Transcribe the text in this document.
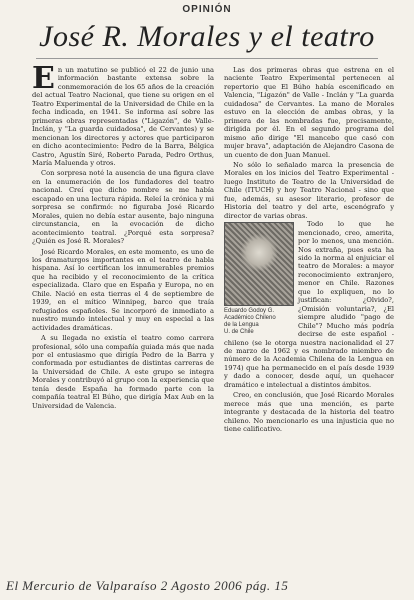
OPINIÓN
José R. Morales y el teatro
E n un matutino se publicó el 22 de junio una información bastante extensa sobre la conmemoración de los 65 años de la creación del actual Teatro Nacional, que tiene su origen en el Teatro Experimental de la Universidad de Chile en la fecha indicada, en 1941. Se informa así sobre las primeras obras representadas ("Ligazón", de Valle-Inclán, y "La guarda cuidadosa", de Cervantes) y se mencionan los directores y actores que participaron en dicho acontecimiento: Pedro de la Barra, Bélgica Castro, Agustín Siré, Roberto Parada, Pedro Orthus, María Maluenda y otros.

Con sorpresa noté la ausencia de una figura clave en la enumeración de los fundadores del teatro nacional. Creí que dicho nombre se me había escapado en una lectura rápida. Releí la crónica y mi sorpresa se confirmó: no figuraba José Ricardo Morales, quien no debía estar ausente, bajo ninguna circunstancia, en la evocación de dicho acontecimiento teatral. ¿Porqué esta sorpresa? ¿Quién es José R. Morales?

José Ricardo Morales, en este momento, es uno de los dramaturgos importantes en el teatro de habla hispana. Así lo certifican los innumerables premios que ha recibido y el reconocimiento de la crítica especializada. Claro que en España y Europa, no en Chile. Nació en esta tierras el 4 de septiembre de 1939, en el mítico Winnipeg, barco que traía refugiados españoles. Se incorporó de inmediato a nuestro mundo intelectual y muy en especial a las actividades dramáticas.

A su llegada no existía el teatro como carrera profesional, sólo una compañía guiada más que nada por el entusiasmo que dirigía Pedro de la Barra y conformada por estudiantes de distintas carreras de la Universidad de Chile. A este grupo se integra Morales y contribuyó al grupo con la experiencia que tenía desde España ha formado parte con la compañía teatral El Búho, que dirigía Max Aub en la Universidad de Valencia.

Las dos primeras obras que estrena en el naciente Teatro Experimental pertenecen al repertorio que El Búho había escenificado en Valencia, "Ligazón" de Valle - Inclán y "La guarda cuidadosa" de Cervantes. La mano de Morales estuvo en la elección de ambas obras, y la primera de las nombradas fue, precisamente, dirigida por él. En el segundo programa del mismo año dirige "El mancebo que casó con mujer brava", adaptación de Alejandro Casona de un cuento de don Juan Manuel.

No sólo lo señalado marca la presencia de Morales en los inicios del Teatro Experimental - luego Instituto de Teatro de la Universidad de Chile (ITUCH) y hoy Teatro Nacional - sino que fue, además, su asesor literario, profesor de Historia del teatro y del arte, escenógrafo y director de varias obras.

Eduardo Godoy G.
Académico Chileno
de la Lengua
U. de Chile

Todo lo que he mencionado, creo, amerita, por lo menos, una mención. Nos extraña, pues esta ha sido la norma al enjuiciar el teatro de Morales: a mayor reconocimiento extranjero, menor en Chile. Razones que lo expliquen, no lo justifican: ¿Olvido?, ¿Omisión voluntaria?, ¿El siempre aludido "pago de Chile"? Mucho más podría decirse de este español - chileno (se le otorga nuestra nacionalidad el 27 de marzo de 1962 y es nombrado miembro de número de la Academia Chilena de la Lengua en 1974) que ha permanecido en el país desde 1939 y dado a conocer, desde aquí, un quehacer dramático e intelectual a distintos ámbitos.

Creo, en conclusión, que José Ricardo Morales merece más que una mención, es parte integrante y destacada de la historia del teatro chileno. No mencionarlo es una injusticia que no tiene calificativo.

El Mercurio de Valparaíso 2 Agosto 2006 pág. 15
